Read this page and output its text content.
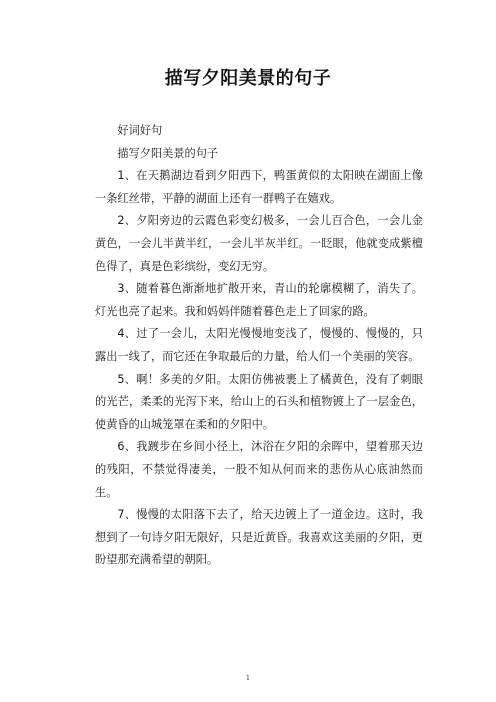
描写夕阳美景的句子

好词好句

描写夕阳美景的句子

1、在天鹅湖边看到夕阳西下，鸭蛋黄似的太阳映在湖面上像一条红丝带，平静的湖面上还有一群鸭子在嬉戏。

2、夕阳旁边的云霞色彩变幻极多，一会儿百合色，一会儿金黄色，一会儿半黄半红，一会儿半灰半红。一眨眼，他就变成紫檀色得了，真是色彩缤纷，变幻无穷。

3、随着暮色渐渐地扩散开来，青山的轮廓模糊了，消失了。灯光也亮了起来。我和妈妈伴随着暮色走上了回家的路。

4、过了一会儿，太阳光慢慢地变浅了，慢慢的、慢慢的，只露出一线了，而它还在争取最后的力量，给人们一个美丽的笑容。

5、啊！多美的夕阳。太阳仿佛被裹上了橘黄色，没有了刺眼的光芒，柔柔的光泻下来，给山上的石头和植物镀上了一层金色，使黄昏的山城笼罩在柔和的夕阳中。

6、我踱步在乡间小径上，沐浴在夕阳的余晖中，望着那天边的残阳，不禁觉得凄美，一股不知从何而来的悲伤从心底油然而生。

7、慢慢的太阳落下去了，给天边镀上了一道金边。这时，我想到了一句诗夕阳无限好，只是近黄昏。我喜欢这美丽的夕阳，更盼望那充满希望的朝阳。

1
